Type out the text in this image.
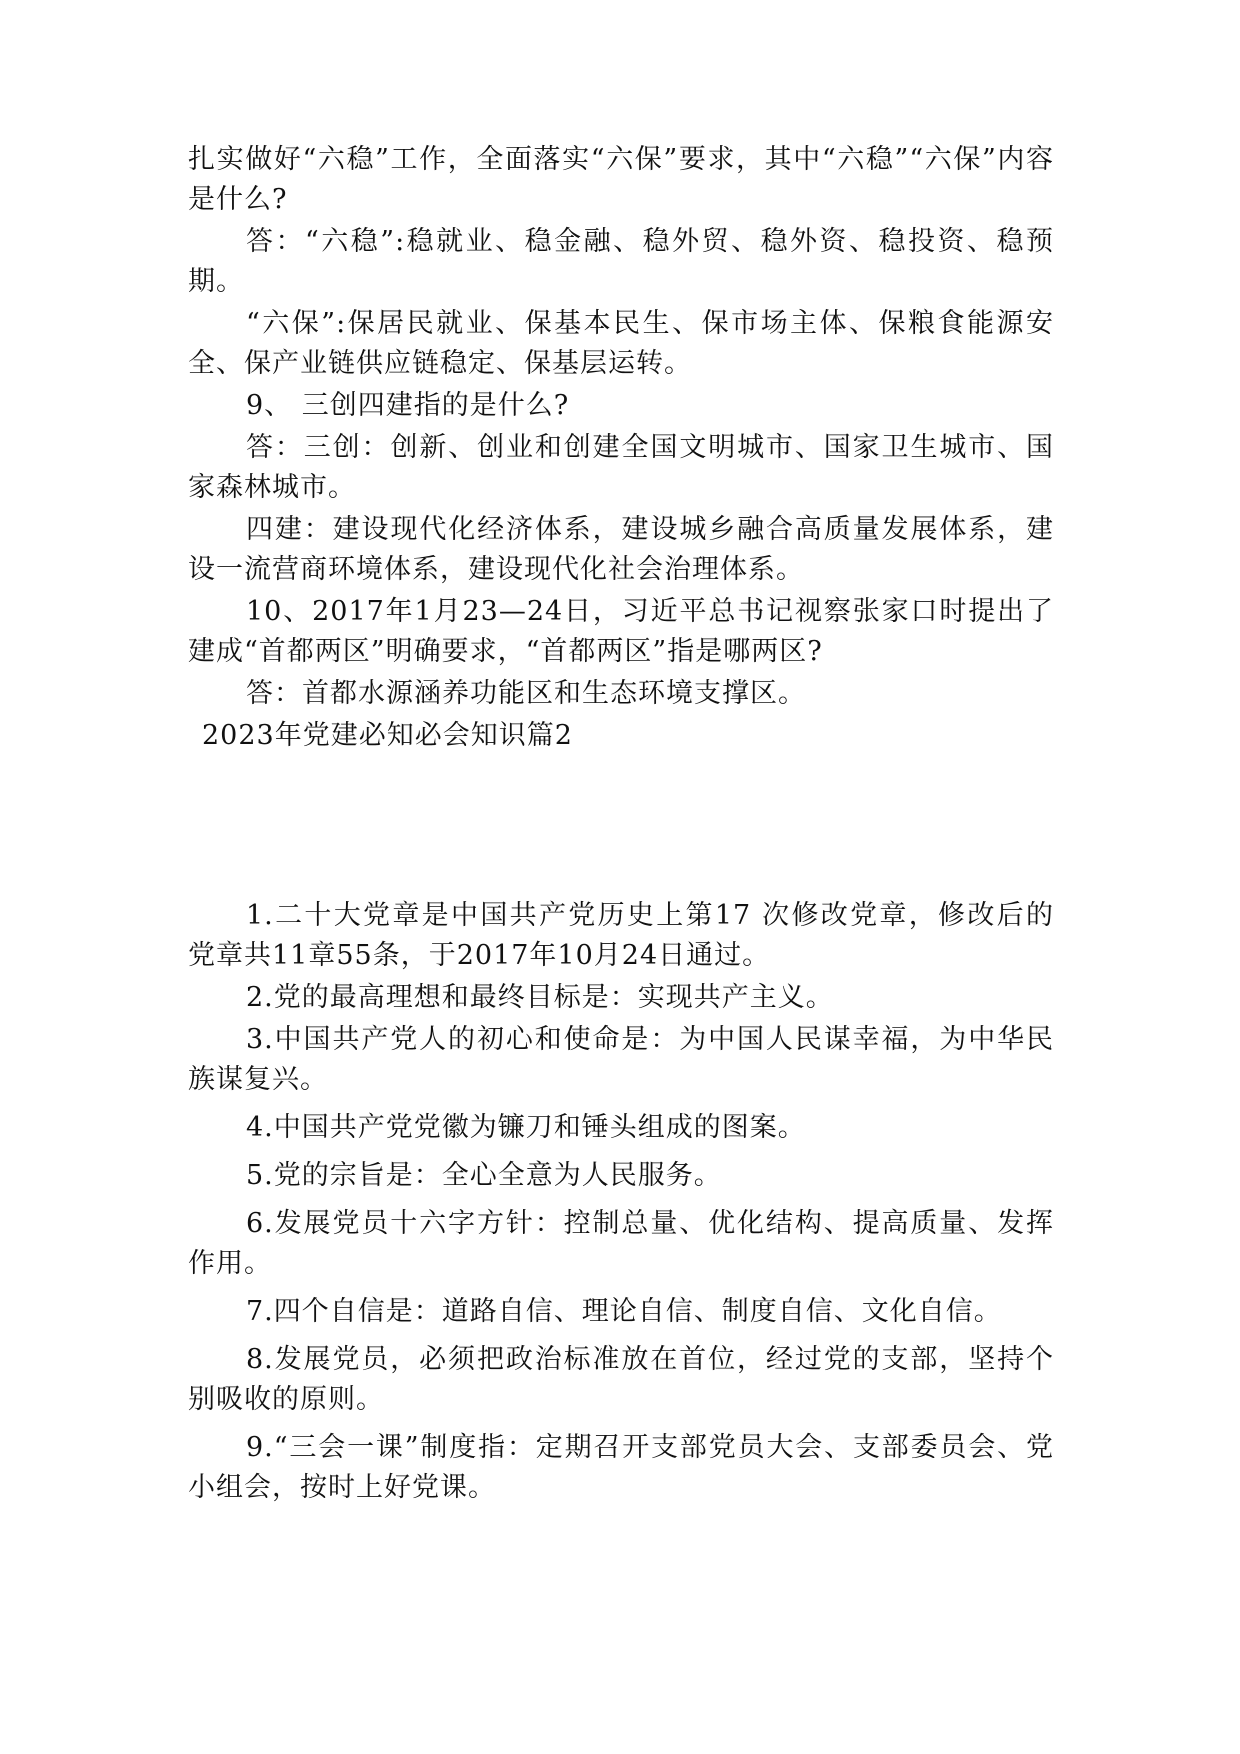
扎实做好“六稳”工作，全面落实“六保”要求，其中“六稳”“六保”内容是什么?

答：“六稳”:稳就业、稳金融、稳外贸、稳外资、稳投资、稳预期。

“六保”:保居民就业、保基本民生、保市场主体、保粮食能源安全、保产业链供应链稳定、保基层运转。

9、 三创四建指的是什么?

答：三创：创新、创业和创建全国文明城市、国家卫生城市、国家森林城市。

四建：建设现代化经济体系，建设城乡融合高质量发展体系，建设一流营商环境体系，建设现代化社会治理体系。

10、2017年1月23—24日，习近平总书记视察张家口时提出了 建成“首都两区”明确要求，“首都两区”指是哪两区?

答：首都水源涵养功能区和生态环境支撑区。

2023年党建必知必会知识篇2

1.二十大党章是中国共产党历史上第17 次修改党章，修改后的 党章共11章55条，于2017年10月24日通过。

2.党的最高理想和最终目标是：实现共产主义。

3.中国共产党人的初心和使命是：为中国人民谋幸福，为中华民族谋复兴。

4.中国共产党党徽为镰刀和锤头组成的图案。

5.党的宗旨是：全心全意为人民服务。

6.发展党员十六字方针：控制总量、优化结构、提高质量、发挥作用。

7.四个自信是：道路自信、理论自信、制度自信、文化自信。

8.发展党员，必须把政治标准放在首位，经过党的支部，坚持个别吸收的原则。

9.“三会一课”制度指：定期召开支部党员大会、支部委员会、党小组会，按时上好党课。
